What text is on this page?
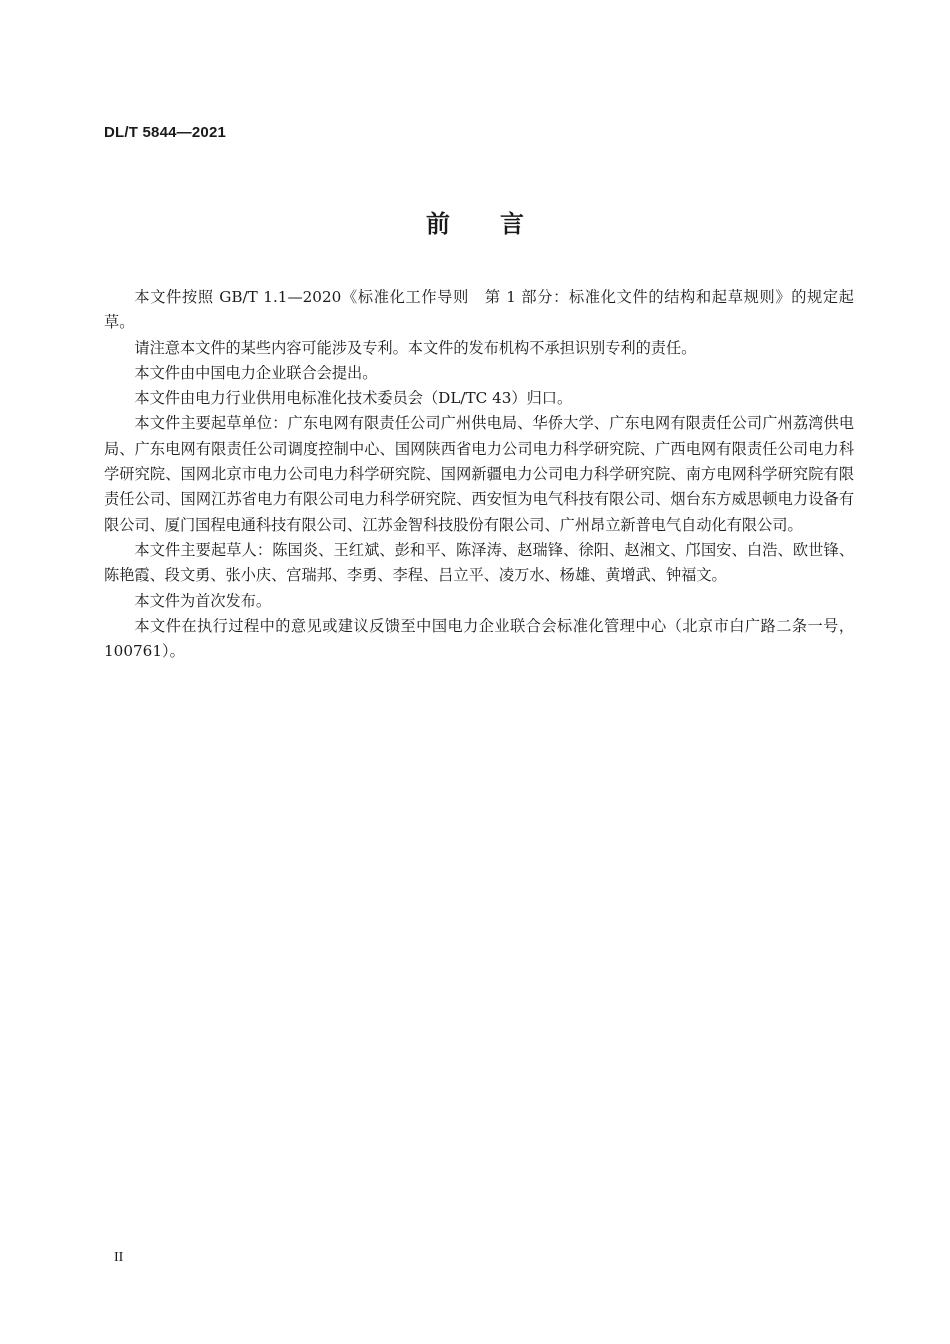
DL/T 5844—2021
前言

本文件按照 GB/T 1.1—2020《标准化工作导则　第 1 部分：标准化文件的结构和起草规则》的规定起草。

请注意本文件的某些内容可能涉及专利。本文件的发布机构不承担识别专利的责任。

本文件由中国电力企业联合会提出。

本文件由电力行业供用电标准化技术委员会（DL/TC 43）归口。

本文件主要起草单位：广东电网有限责任公司广州供电局、华侨大学、广东电网有限责任公司广州荔湾供电局、广东电网有限责任公司调度控制中心、国网陕西省电力公司电力科学研究院、广西电网有限责任公司电力科学研究院、国网北京市电力公司电力科学研究院、国网新疆电力公司电力科学研究院、南方电网科学研究院有限责任公司、国网江苏省电力有限公司电力科学研究院、西安恒为电气科技有限公司、烟台东方威思顿电力设备有限公司、厦门国程电通科技有限公司、江苏金智科技股份有限公司、广州昂立新普电气自动化有限公司。

本文件主要起草人：陈国炎、王红斌、彭和平、陈泽涛、赵瑞锋、徐阳、赵湘文、邝国安、白浩、欧世锋、陈艳霞、段文勇、张小庆、宫瑞邦、李勇、李程、吕立平、凌万水、杨雄、黄增武、钟福文。

本文件为首次发布。

本文件在执行过程中的意见或建议反馈至中国电力企业联合会标准化管理中心（北京市白广路二条一号，100761）。

II
